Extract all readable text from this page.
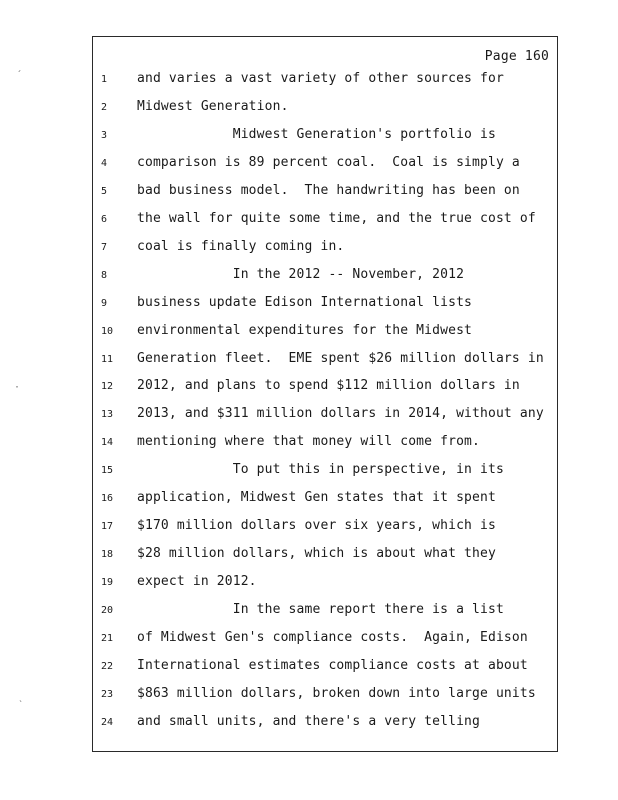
Page 160
1	and varies a vast variety of other sources for
2	Midwest Generation.
3	Midwest Generation's portfolio is
4	comparison is 89 percent coal.  Coal is simply a
5	bad business model.  The handwriting has been on
6	the wall for quite some time, and the true cost of
7	coal is finally coming in.
8	In the 2012 -- November, 2012
9	business update Edison International lists
10	environmental expenditures for the Midwest
11	Generation fleet.  EME spent $26 million dollars in
12	2012, and plans to spend $112 million dollars in
13	2013, and $311 million dollars in 2014, without any
14	mentioning where that money will come from.
15	To put this in perspective, in its
16	application, Midwest Gen states that it spent
17	$170 million dollars over six years, which is
18	$28 million dollars, which is about what they
19	expect in 2012.
20	In the same report there is a list
21	of Midwest Gen's compliance costs.  Again, Edison
22	International estimates compliance costs at about
23	$863 million dollars, broken down into large units
24	and small units, and there's a very telling
´
·
ˋ
